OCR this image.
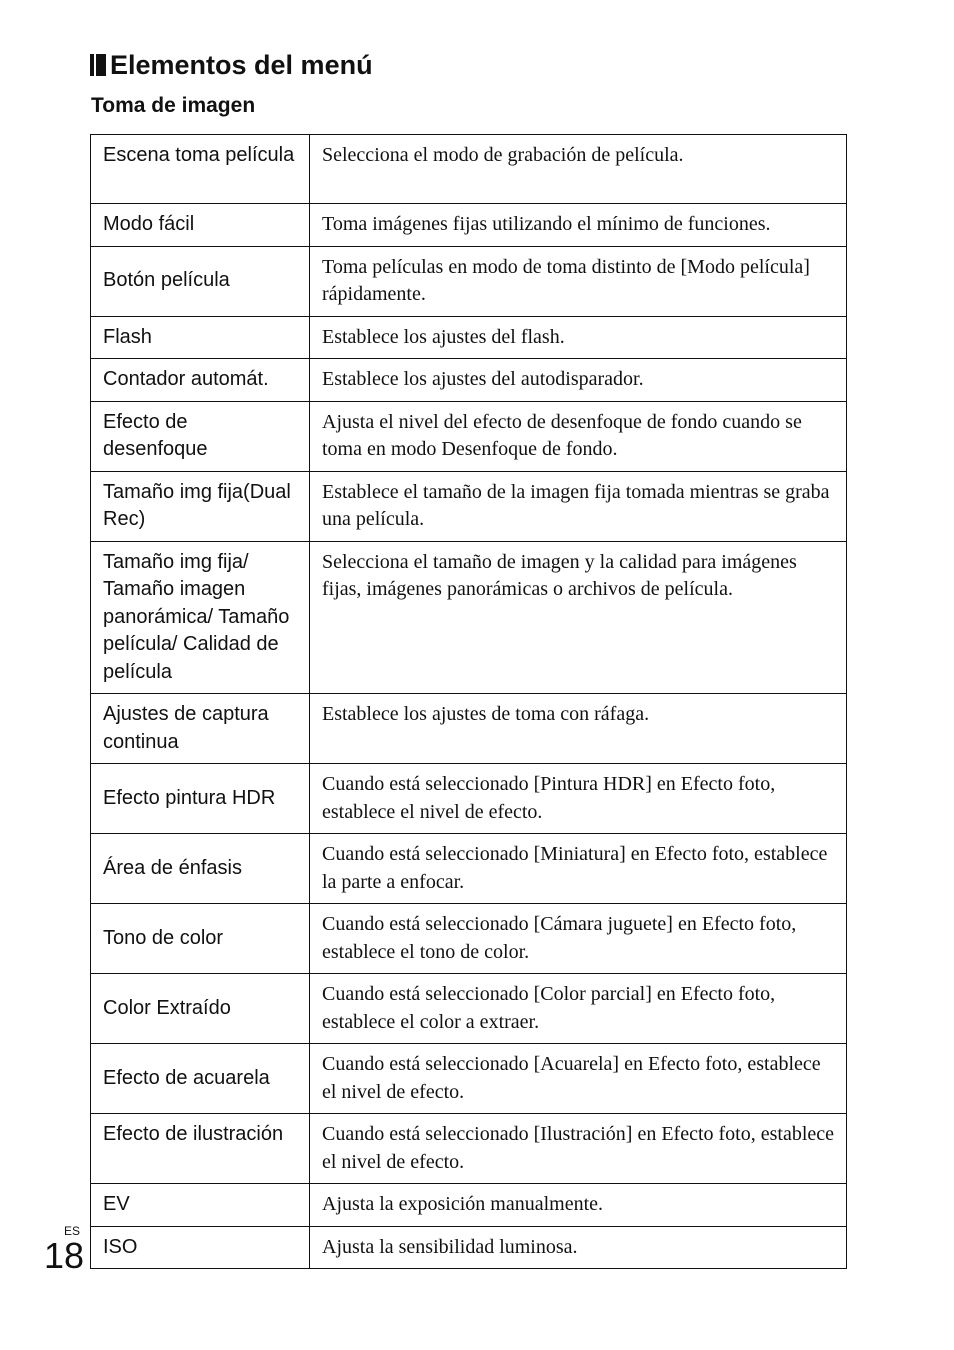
Elementos del menú
Toma de imagen
Escena toma película	Selecciona el modo de grabación de película.
Modo fácil	Toma imágenes fijas utilizando el mínimo de funciones.
Botón película	Toma películas en modo de toma distinto de [Modo película] rápidamente.
Flash	Establece los ajustes del flash.
Contador automát.	Establece los ajustes del autodisparador.
Efecto de desenfoque	Ajusta el nivel del efecto de desenfoque de fondo cuando se toma en modo Desenfoque de fondo.
Tamaño img fija(Dual Rec)	Establece el tamaño de la imagen fija tomada mientras se graba una película.
Tamaño img fija/ Tamaño imagen panorámica/ Tamaño película/ Calidad de película	Selecciona el tamaño de imagen y la calidad para imágenes fijas, imágenes panorámicas o archivos de película.
Ajustes de captura continua	Establece los ajustes de toma con ráfaga.
Efecto pintura HDR	Cuando está seleccionado [Pintura HDR] en Efecto foto, establece el nivel de efecto.
Área de énfasis	Cuando está seleccionado [Miniatura] en Efecto foto, establece la parte a enfocar.
Tono de color	Cuando está seleccionado [Cámara juguete] en Efecto foto, establece el tono de color.
Color Extraído	Cuando está seleccionado [Color parcial] en Efecto foto, establece el color a extraer.
Efecto de acuarela	Cuando está seleccionado [Acuarela] en Efecto foto, establece el nivel de efecto.
Efecto de ilustración	Cuando está seleccionado [Ilustración] en Efecto foto, establece el nivel de efecto.
EV	Ajusta la exposición manualmente.
ISO	Ajusta la sensibilidad luminosa.
ES
18
